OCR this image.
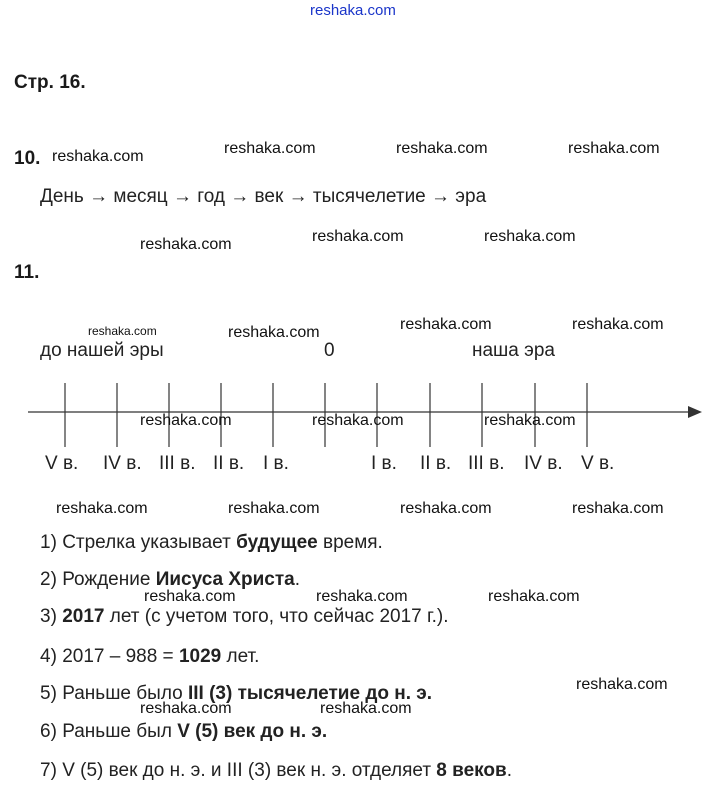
reshaka.com
Стр. 16.
10.
День → месяц → год → век → тысячелетие → эра
11.
до нашей эры	0	наша эра
V в. IV в. III в. II в. I в.	I в. II в. III в. IV в. V в.
1) Стрелка указывает будущее время.
2) Рождение Иисуса Христа.
3) 2017 лет (с учетом того, что сейчас 2017 г.).
4) 2017 – 988 = 1029 лет.
5) Раньше было III (3) тысячелетие до н. э.
6) Раньше был V (5) век до н. э.
7) V (5) век до н. э. и III (3) век н. э. отделяет 8 веков.
reshaka.com	reshaka.com	reshaka.com	reshaka.com
reshaka.com	reshaka.com	reshaka.com
reshaka.com	reshaka.com	reshaka.com	reshaka.com
reshaka.com	reshaka.com	reshaka.com
reshaka.com	reshaka.com	reshaka.com	reshaka.com
reshaka.com	reshaka.com	reshaka.com
reshaka.com
reshaka.com	reshaka.com
